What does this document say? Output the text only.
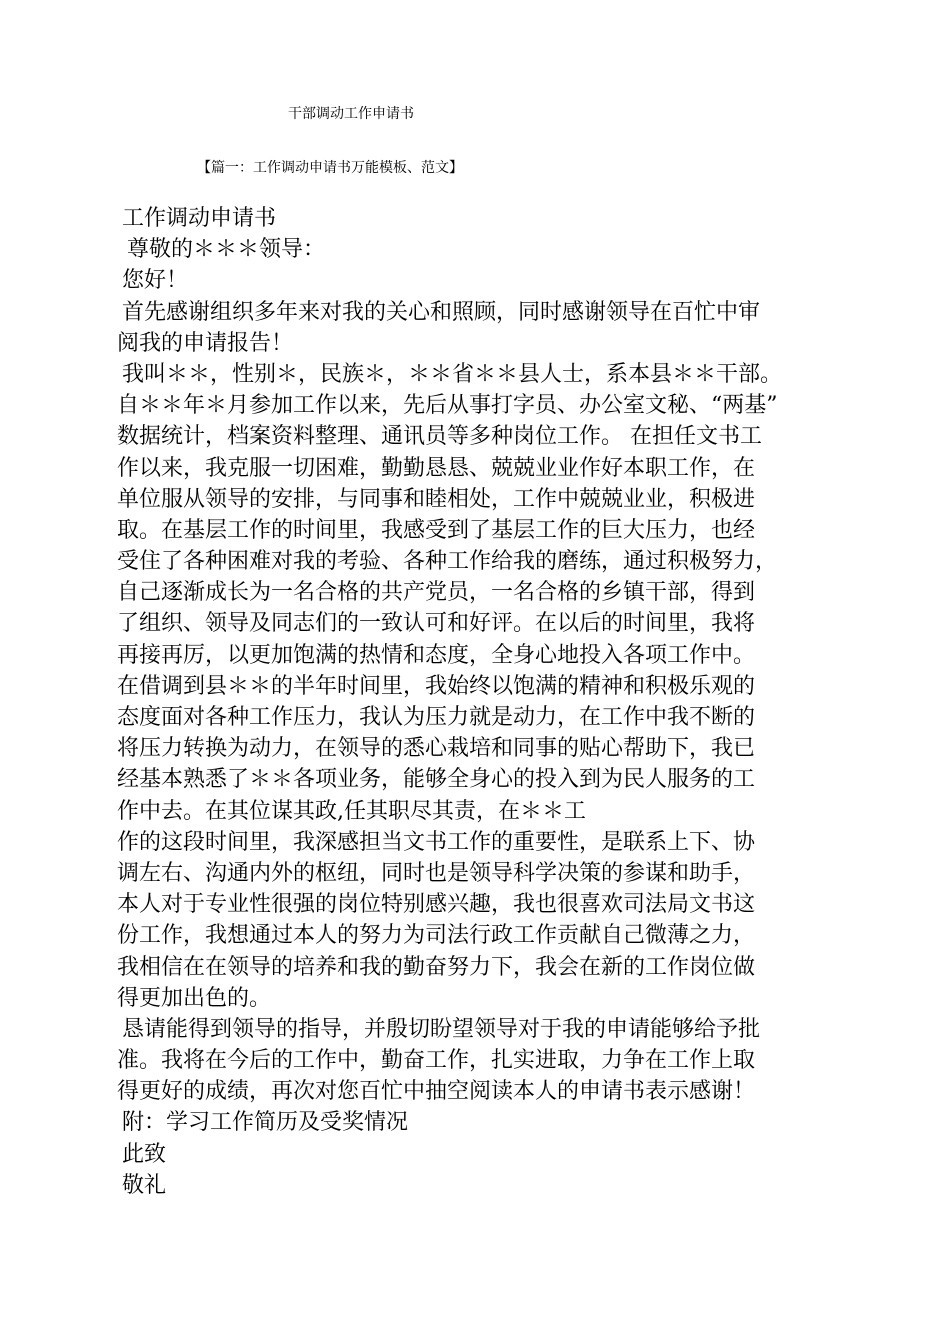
干部调动工作申请书
【篇一：工作调动申请书万能模板、范文】
工作调动申请书
尊敬的＊＊＊领导：
您好！
首先感谢组织多年来对我的关心和照顾，同时感谢领导在百忙中审
阅我的申请报告！
我叫＊＊，性别＊，民族＊，＊＊省＊＊县人士，系本县＊＊干部。
自＊＊年＊月参加工作以来，先后从事打字员、办公室文秘、“两基”
数据统计，档案资料整理、通讯员等多种岗位工作。 在担任文书工
作以来，我克服一切困难，勤勤恳恳、兢兢业业作好本职工作，在
单位服从领导的安排，与同事和睦相处，工作中兢兢业业，积极进
取。在基层工作的时间里，我感受到了基层工作的巨大压力，也经
受住了各种困难对我的考验、各种工作给我的磨练，通过积极努力，
自己逐渐成长为一名合格的共产党员，一名合格的乡镇干部，得到
了组织、领导及同志们的一致认可和好评。在以后的时间里，我将
再接再厉，以更加饱满的热情和态度，全身心地投入各项工作中。
在借调到县＊＊的半年时间里，我始终以饱满的精神和积极乐观的
态度面对各种工作压力，我认为压力就是动力，在工作中我不断的
将压力转换为动力，在领导的悉心栽培和同事的贴心帮助下，我已
经基本熟悉了＊＊各项业务，能够全身心的投入到为民人服务的工
作中去。在其位谋其政,任其职尽其责，在＊＊工
作的这段时间里，我深感担当文书工作的重要性，是联系上下、协
调左右、沟通内外的枢纽，同时也是领导科学决策的参谋和助手，
本人对于专业性很强的岗位特别感兴趣，我也很喜欢司法局文书这
份工作，我想通过本人的努力为司法行政工作贡献自己微薄之力，
我相信在在领导的培养和我的勤奋努力下，我会在新的工作岗位做
得更加出色的。
恳请能得到领导的指导，并殷切盼望领导对于我的申请能够给予批
准。我将在今后的工作中，勤奋工作，扎实进取，力争在工作上取
得更好的成绩，再次对您百忙中抽空阅读本人的申请书表示感谢！
附：学习工作简历及受奖情况
此致
敬礼
